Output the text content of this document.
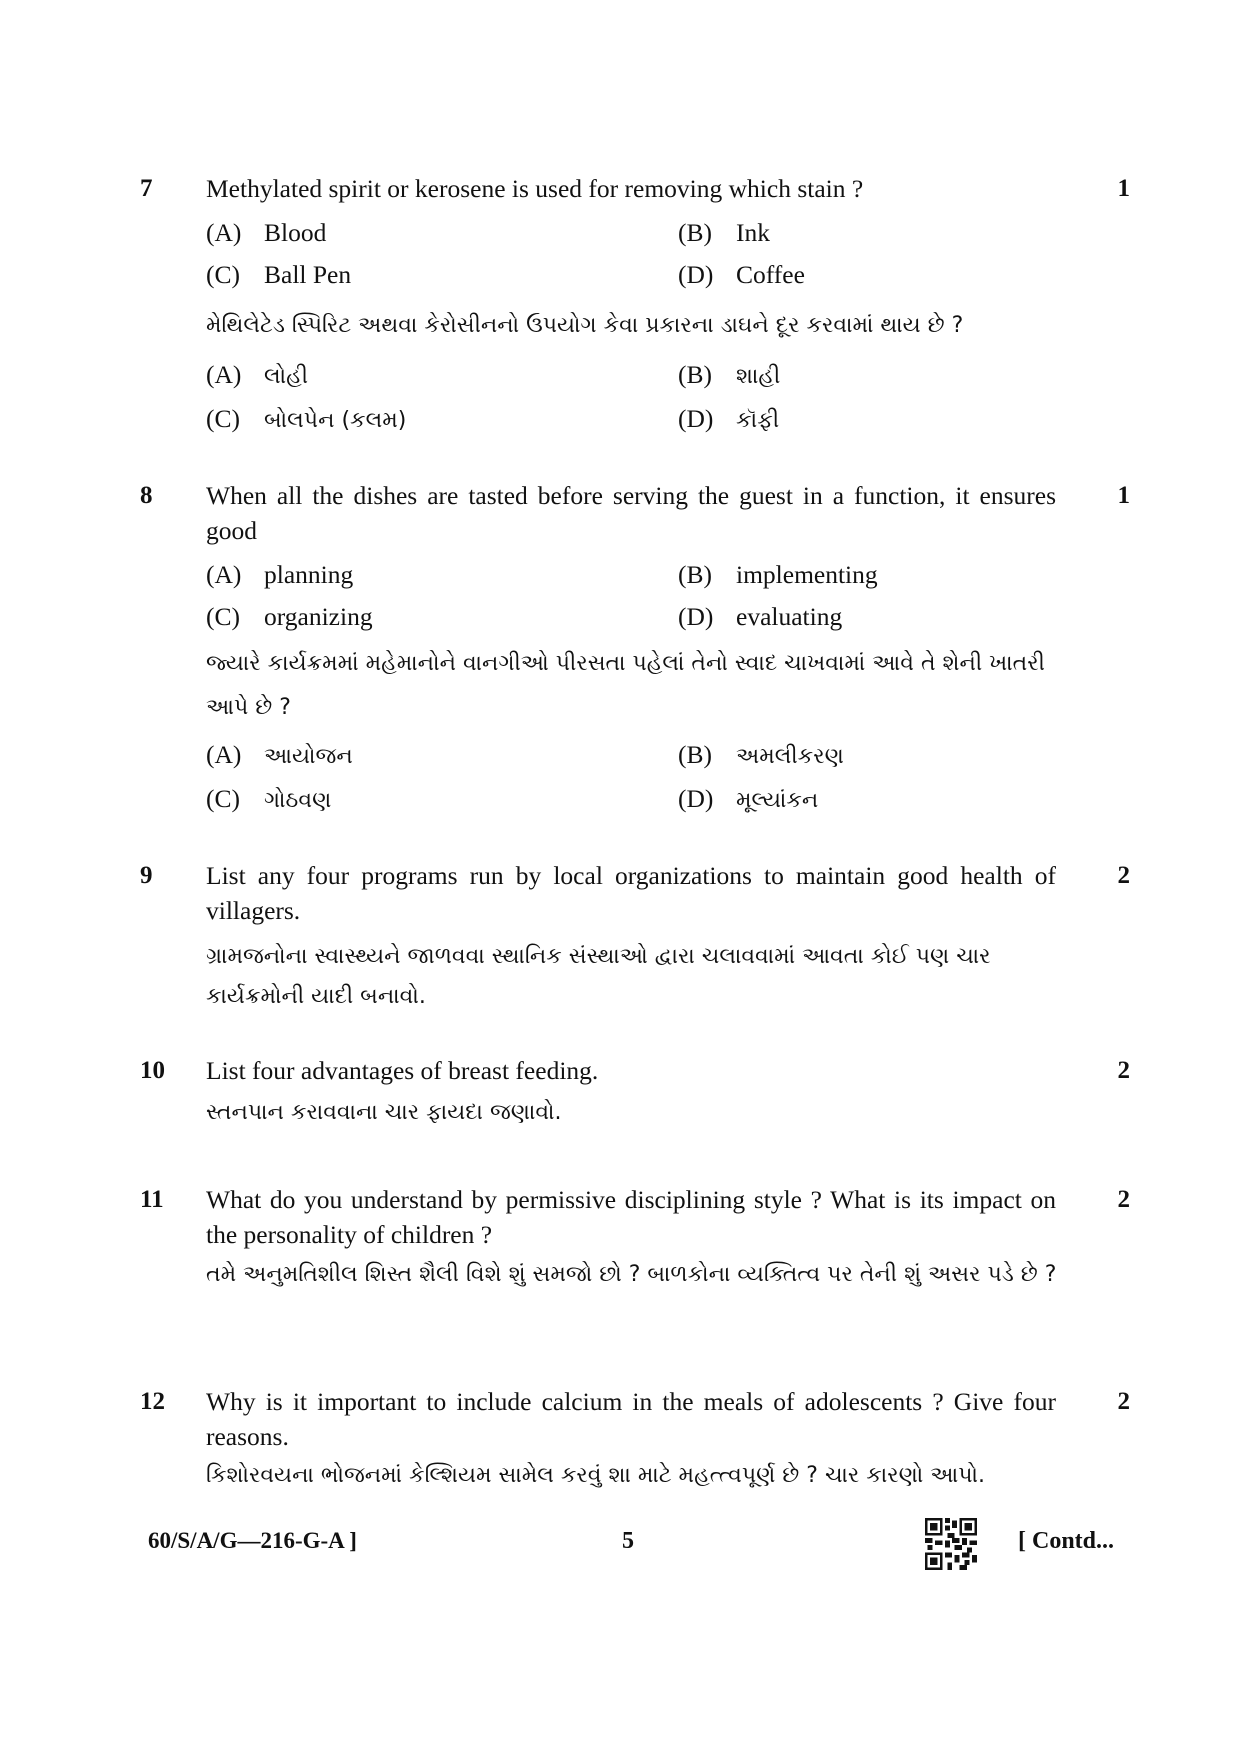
7	Methylated spirit or kerosene is used for removing which stain ?	1
(A) Blood	(B) Ink
(C) Ball Pen	(D) Coffee
મેથિલેટેડ સ્પિરિટ અથવા કેરોસીનનો ઉપયોગ કેવા પ્રકારના ડાઘને દૂર કરવામાં થાય છે ?
(A) લોહી	(B) શાહી
(C) બોલપેન (કલમ)	(D) કૉફી
8	When all the dishes are tasted before serving the guest in a function, it ensures good
1
(A) planning	(B) implementing
(C) organizing	(D) evaluating
જ્યારે કાર્યક્રમમાં મહેમાનોને વાનગીઓ પીરસતા પહેલાં તેનો સ્વાદ ચાખવામાં આવે તે શેની ખાતરી આપે છે ?
(A) આયોજન	(B) અમલીકરણ
(C) ગોઠવણ	(D) મૂલ્યાંકન
9	List any four programs run by local organizations to maintain good health of villagers.
2
ગ્રામજનોના સ્વાસ્થ્યને જાળવવા સ્થાનિક સંસ્થાઓ દ્વારા ચલાવવામાં આવતા કોઈ પણ ચાર કાર્યક્રમોની યાદી બનાવો.
10	List four advantages of breast feeding.	2
સ્તનપાન કરાવવાના ચાર ફાયદા જણાવો.
11	What do you understand by permissive disciplining style ? What is its impact on the personality of children ?
2
તમે અનુમતિશીલ શિસ્ત શૈલી વિશે શું સમજો છો ? બાળકોના વ્યક્તિત્વ પર તેની શું અસર પડે છે ?
12	Why is it important to include calcium in the meals of adolescents ? Give four reasons.
2
કિશોરવયના ભોજનમાં કેલ્શિયમ સામેલ કરવું શા માટે મહત્ત્વપૂર્ણ છે ? ચાર કારણો આપો.
60/S/A/G—216-G-A ]	5	[ Contd...
